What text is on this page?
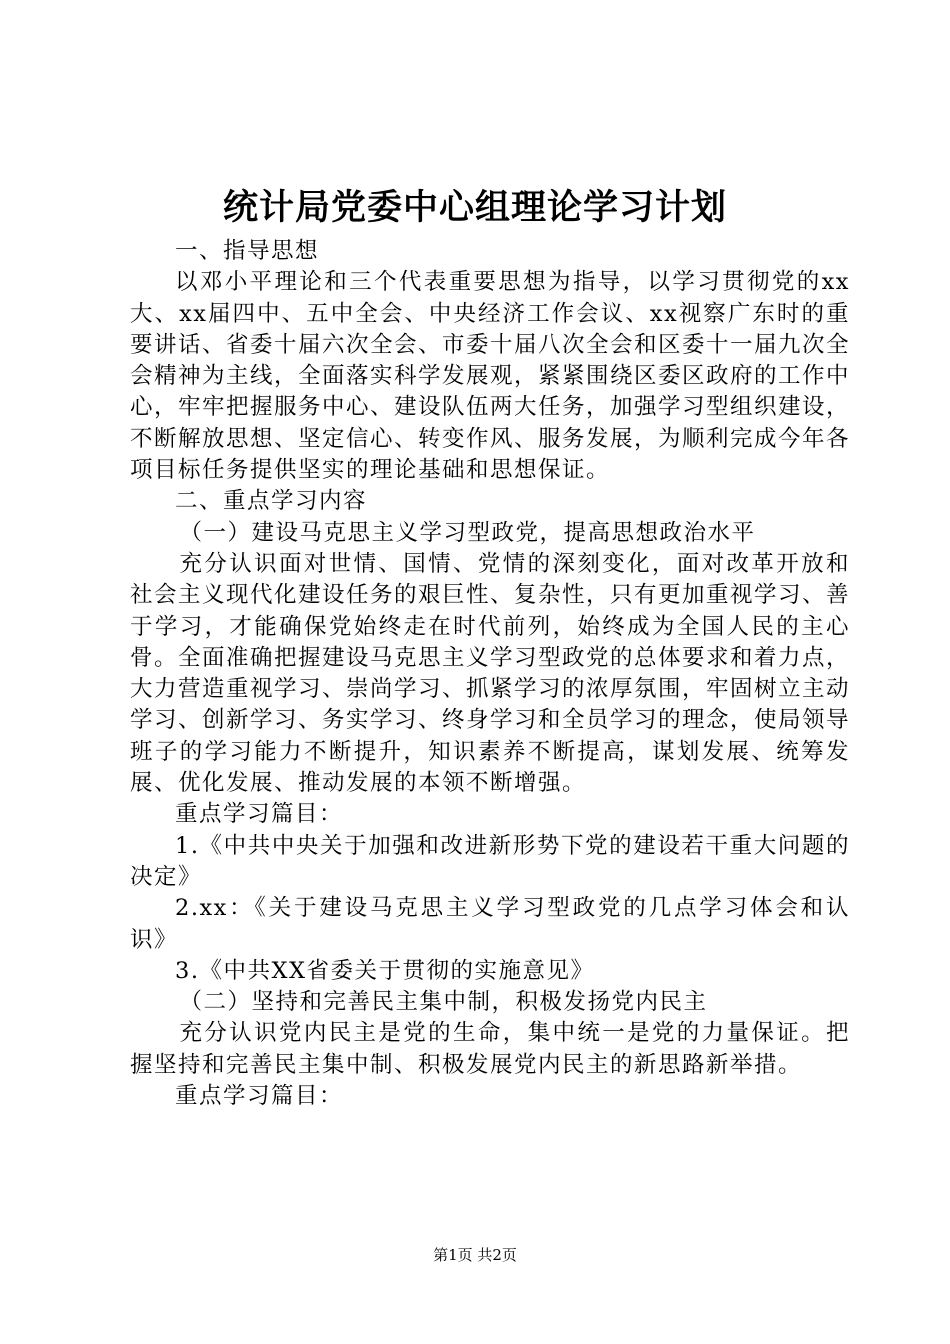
统计局党委中心组理论学习计划

一、指导思想

以邓小平理论和三个代表重要思想为指导，以学习贯彻党的xx大、xx届四中、五中全会、中央经济工作会议、xx视察广东时的重要讲话、省委十届六次全会、市委十届八次全会和区委十一届九次全会精神为主线，全面落实科学发展观，紧紧围绕区委区政府的工作中心，牢牢把握服务中心、建设队伍两大任务，加强学习型组织建设，不断解放思想、坚定信心、转变作风、服务发展，为顺利完成今年各项目标任务提供坚实的理论基础和思想保证。

二、重点学习内容

（一）建设马克思主义学习型政党，提高思想政治水平

充分认识面对世情、国情、党情的深刻变化，面对改革开放和社会主义现代化建设任务的艰巨性、复杂性，只有更加重视学习、善于学习，才能确保党始终走在时代前列，始终成为全国人民的主心骨。全面准确把握建设马克思主义学习型政党的总体要求和着力点，大力营造重视学习、崇尚学习、抓紧学习的浓厚氛围，牢固树立主动学习、创新学习、务实学习、终身学习和全员学习的理念，使局领导班子的学习能力不断提升，知识素养不断提高，谋划发展、统筹发展、优化发展、推动发展的本领不断增强。

重点学习篇目：

1.《中共中央关于加强和改进新形势下党的建设若干重大问题的决定》

2.xx：《关于建设马克思主义学习型政党的几点学习体会和认识》

3.《中共XX省委关于贯彻的实施意见》

（二）坚持和完善民主集中制，积极发扬党内民主

充分认识党内民主是党的生命，集中统一是党的力量保证。把握坚持和完善民主集中制、积极发展党内民主的新思路新举措。

重点学习篇目：

第1页 共2页
